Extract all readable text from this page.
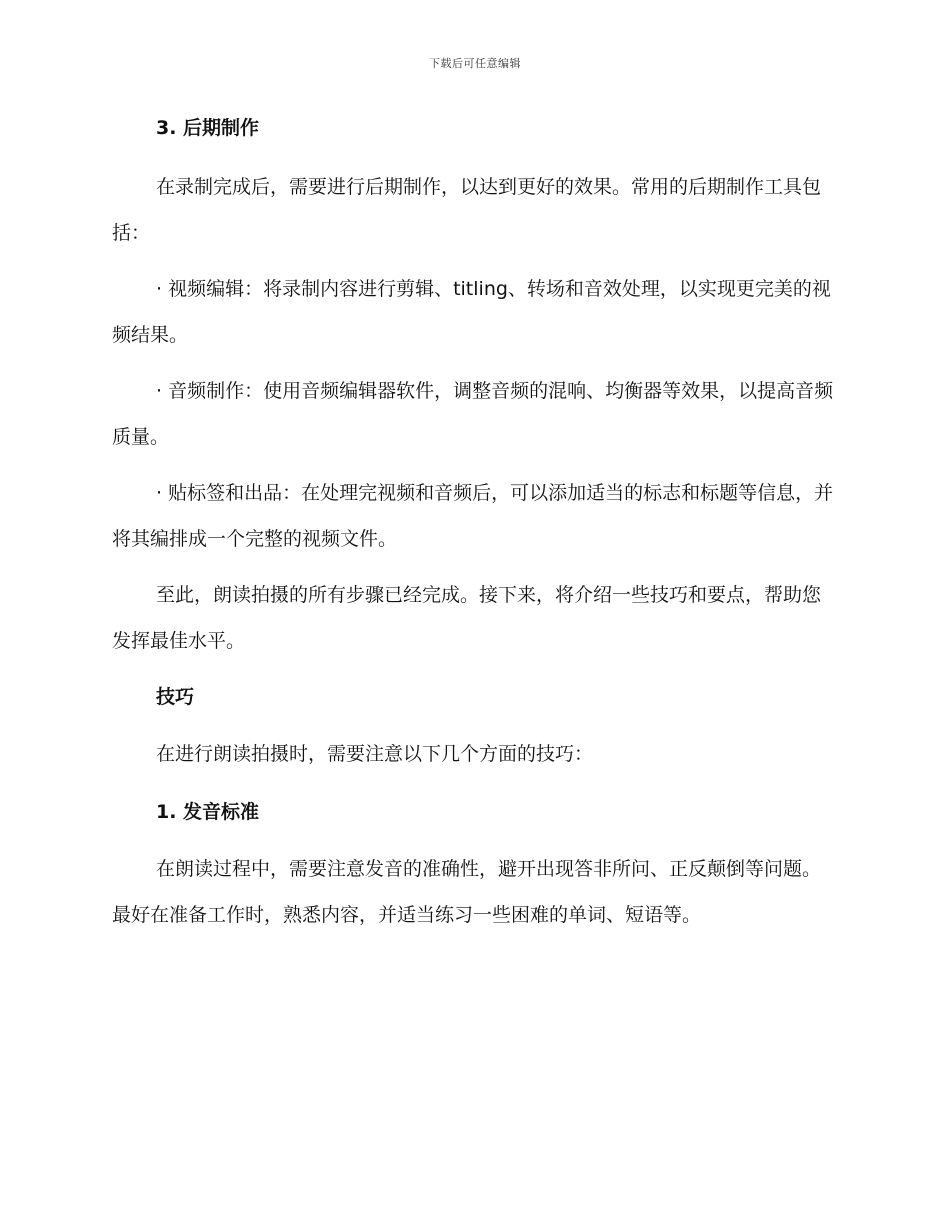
下载后可任意编辑
3. 后期制作

在录制完成后，需要进行后期制作，以达到更好的效果。常用的后期制作工具包括：

· 视频编辑：将录制内容进行剪辑、titling、转场和音效处理，以实现更完美的视频结果。

· 音频制作：使用音频编辑器软件，调整音频的混响、均衡器等效果，以提高音频质量。

· 贴标签和出品：在处理完视频和音频后，可以添加适当的标志和标题等信息，并将其编排成一个完整的视频文件。

至此，朗读拍摄的所有步骤已经完成。接下来，将介绍一些技巧和要点，帮助您发挥最佳水平。

技巧

在进行朗读拍摄时，需要注意以下几个方面的技巧：

1. 发音标准

在朗读过程中，需要注意发音的准确性，避开出现答非所问、正反颠倒等问题。最好在准备工作时，熟悉内容，并适当练习一些困难的单词、短语等。
